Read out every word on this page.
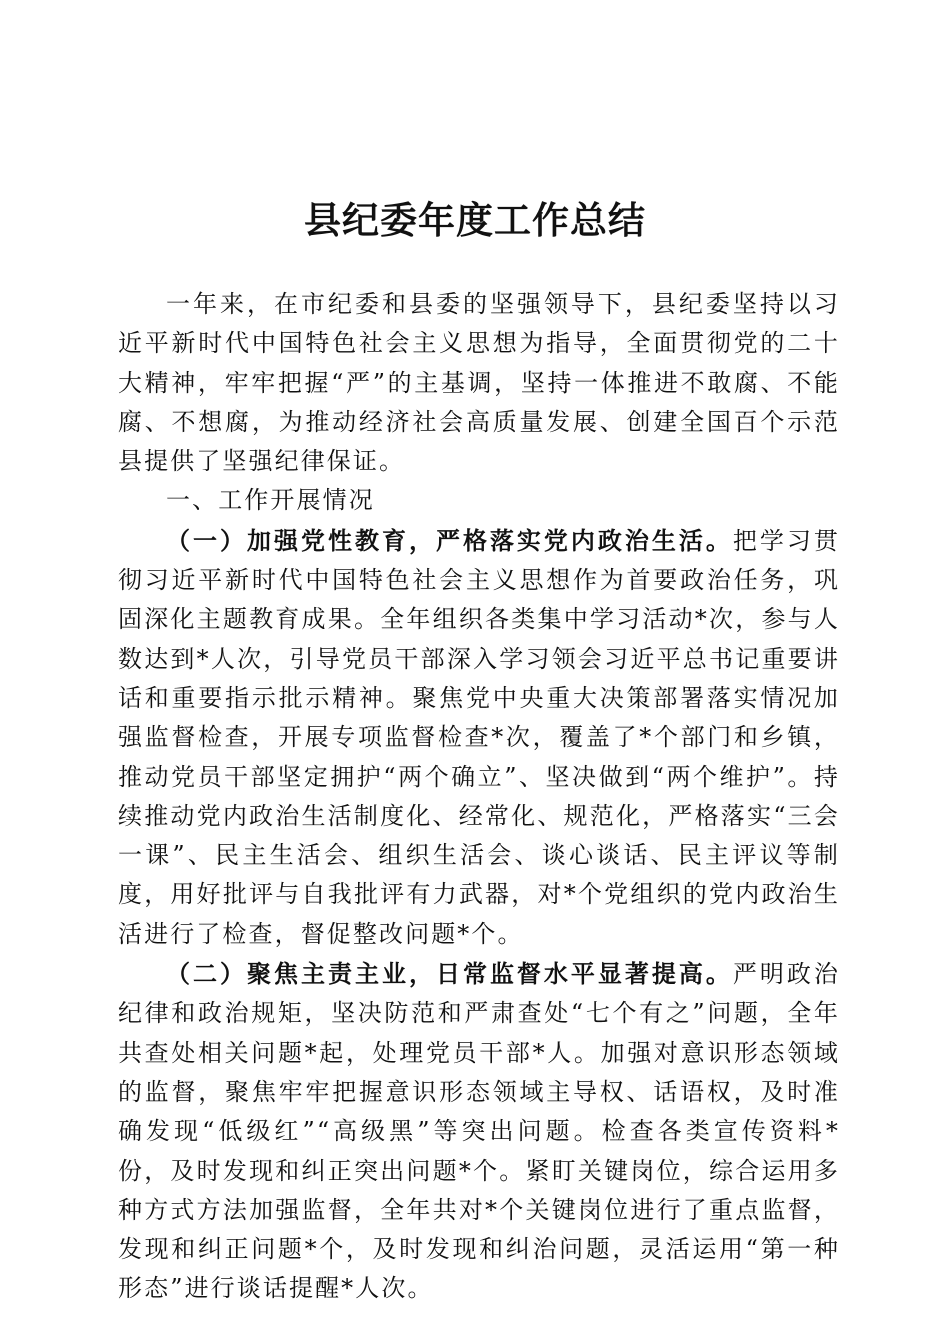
县纪委年度工作总结

一年来，在市纪委和县委的坚强领导下，县纪委坚持以习近平新时代中国特色社会主义思想为指导，全面贯彻党的二十大精神，牢牢把握“严”的主基调，坚持一体推进不敢腐、不能腐、不想腐，为推动经济社会高质量发展、创建全国百个示范县提供了坚强纪律保证。

一、工作开展情况

（一）加强党性教育，严格落实党内政治生活。把学习贯彻习近平新时代中国特色社会主义思想作为首要政治任务，巩固深化主题教育成果。全年组织各类集中学习活动*次，参与人数达到*人次，引导党员干部深入学习领会习近平总书记重要讲话和重要指示批示精神。聚焦党中央重大决策部署落实情况加强监督检查，开展专项监督检查*次，覆盖了*个部门和乡镇，推动党员干部坚定拥护“两个确立”、坚决做到“两个维护”。持续推动党内政治生活制度化、经常化、规范化，严格落实“三会一课”、民主生活会、组织生活会、谈心谈话、民主评议等制度，用好批评与自我批评有力武器，对*个党组织的党内政治生活进行了检查，督促整改问题*个。

（二）聚焦主责主业，日常监督水平显著提高。严明政治纪律和政治规矩，坚决防范和严肃查处“七个有之”问题，全年共查处相关问题*起，处理党员干部*人。加强对意识形态领域的监督，聚焦牢牢把握意识形态领域主导权、话语权，及时准确发现“低级红”“高级黑”等突出问题。检查各类宣传资料*份，及时发现和纠正突出问题*个。紧盯关键岗位，综合运用多种方式方法加强监督，全年共对*个关键岗位进行了重点监督，发现和纠正问题*个，及时发现和纠治问题，灵活运用“第一种形态”进行谈话提醒*人次。
